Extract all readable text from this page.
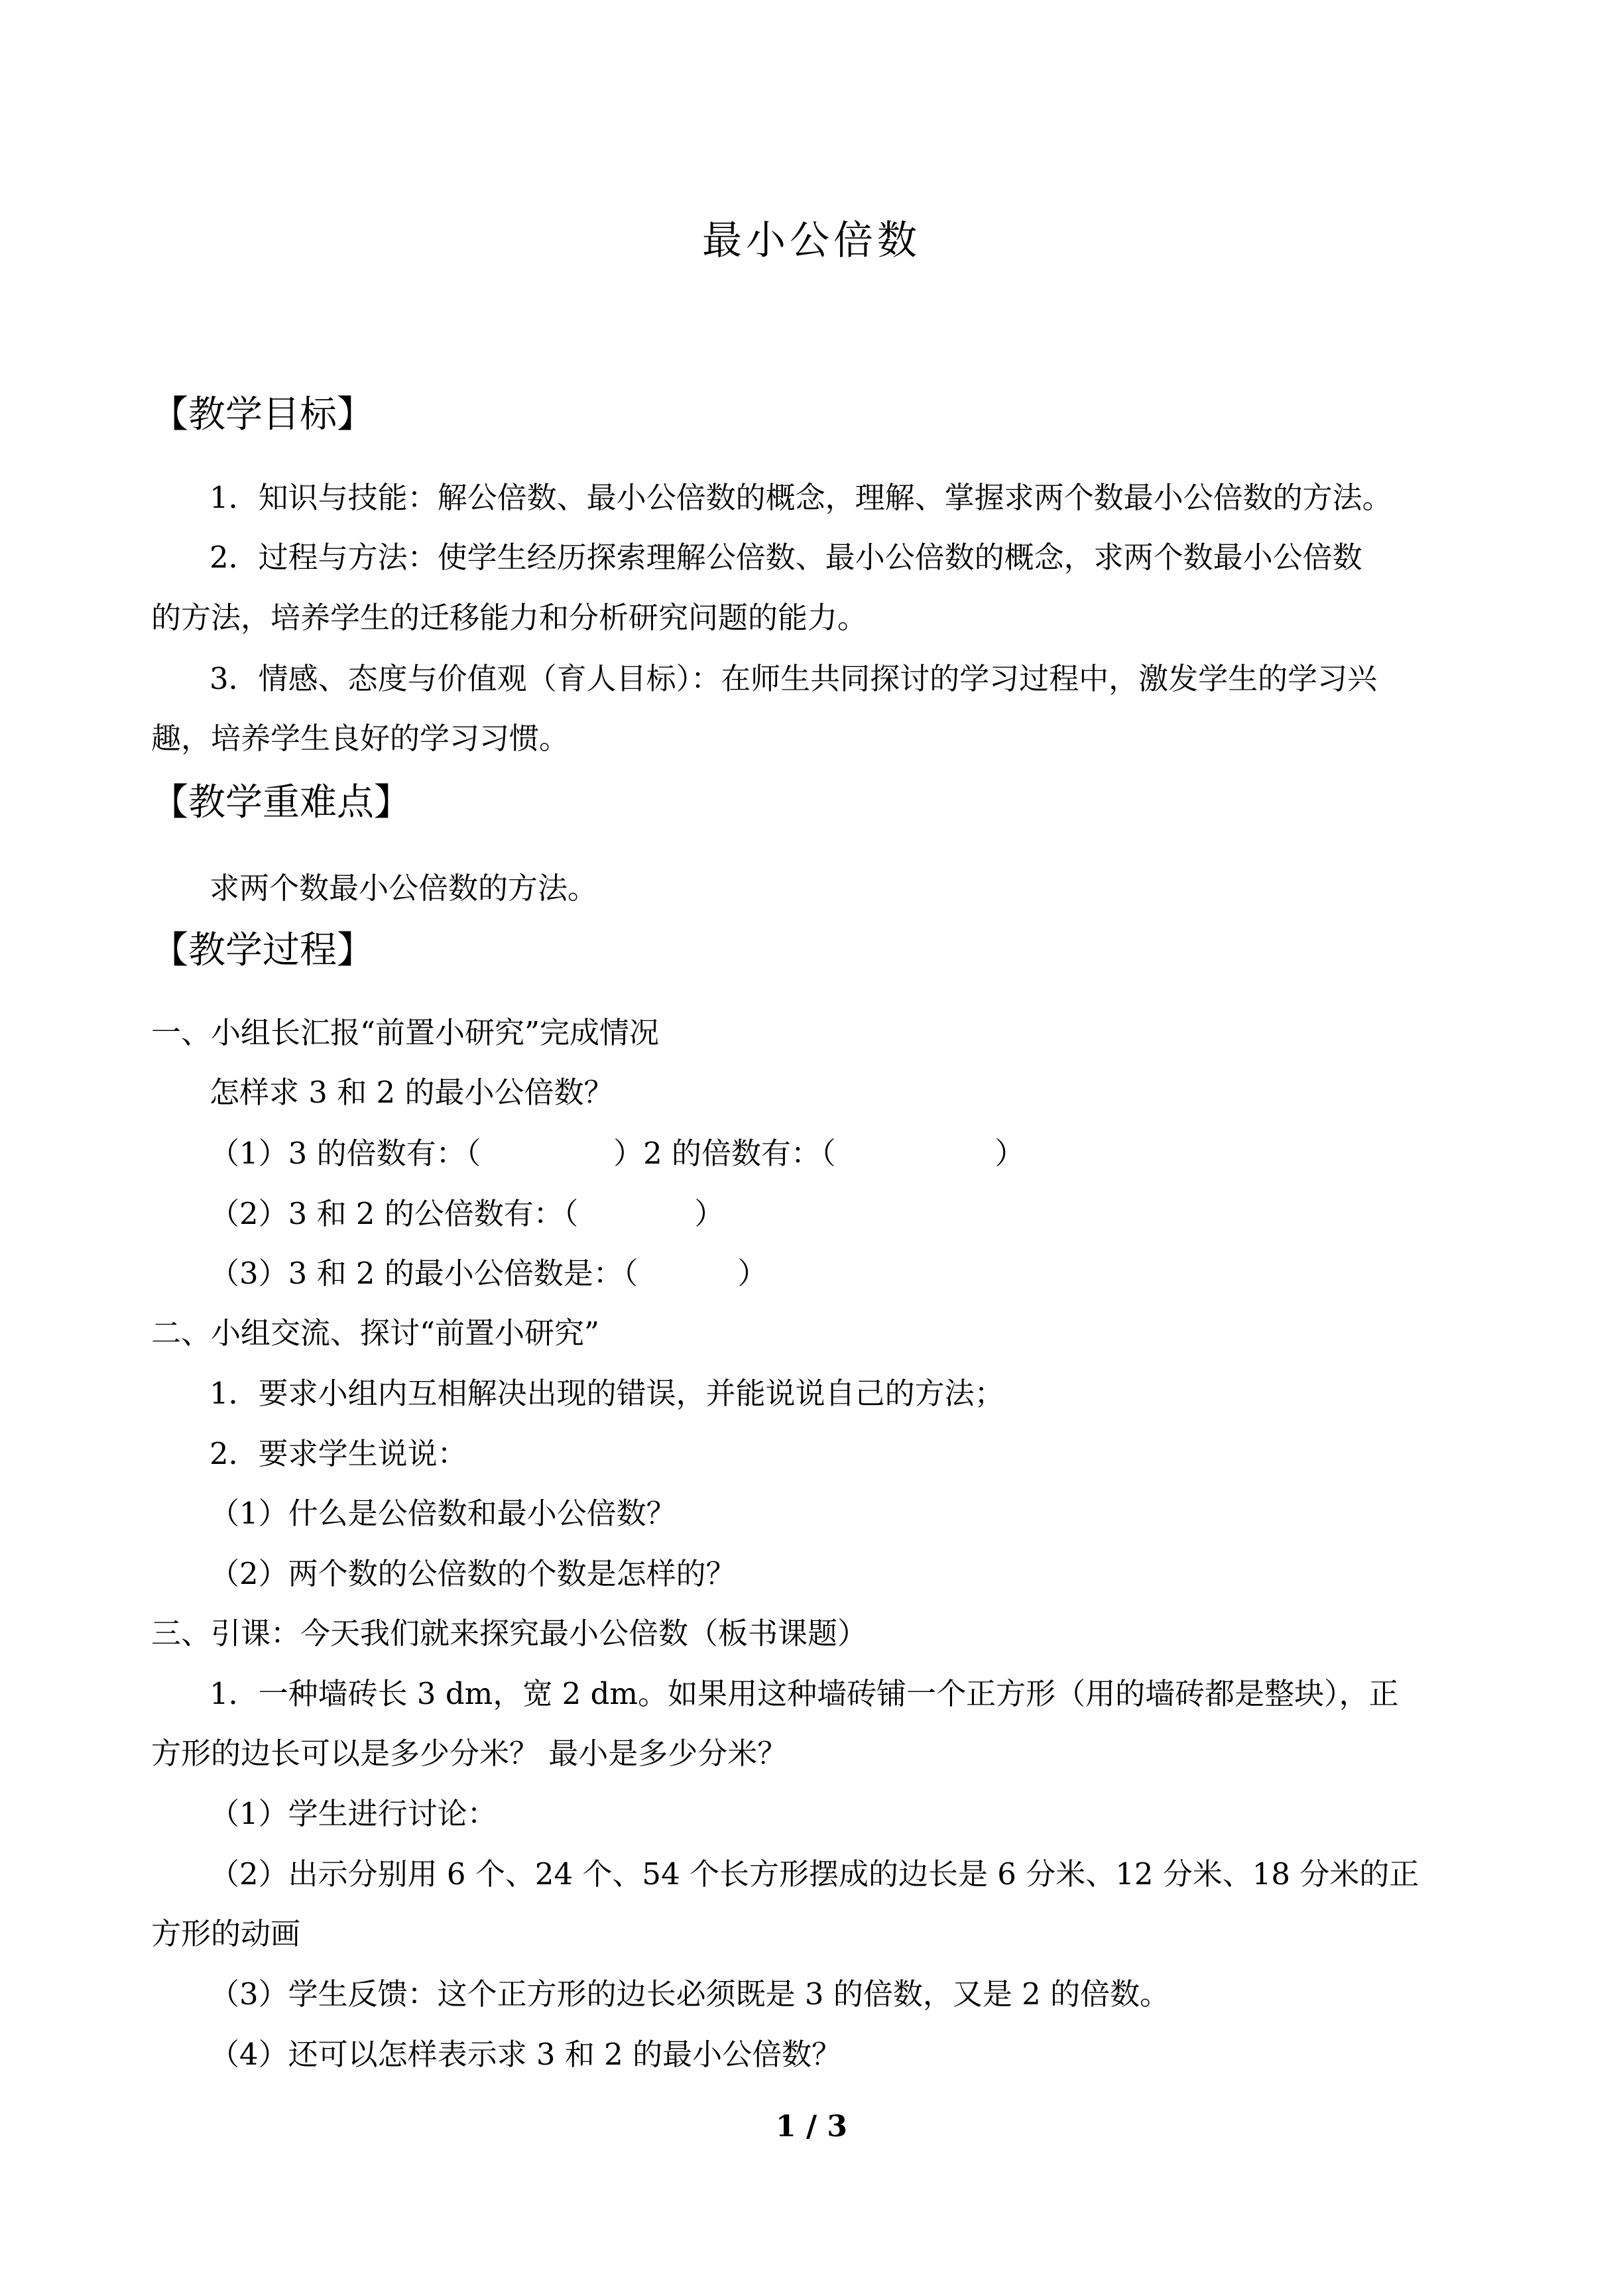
最小公倍数
【教学目标】
1．知识与技能：解公倍数、最小公倍数的概念，理解、掌握求两个数最小公倍数的方法。
2．过程与方法：使学生经历探索理解公倍数、最小公倍数的概念，求两个数最小公倍数
的方法，培养学生的迁移能力和分析研究问题的能力。
3．情感、态度与价值观（育人目标）：在师生共同探讨的学习过程中，激发学生的学习兴
趣，培养学生良好的学习习惯。
【教学重难点】
求两个数最小公倍数的方法。
【教学过程】
一、小组长汇报“前置小研究”完成情况
怎样求 3 和 2 的最小公倍数？
（1）3 的倍数有：（	）2 的倍数有：（	）
（2）3 和 2 的公倍数有：（	）
（3）3 和 2 的最小公倍数是：（	）
二、小组交流、探讨“前置小研究”
1．要求小组内互相解决出现的错误，并能说说自己的方法；
2．要求学生说说：
（1）什么是公倍数和最小公倍数？
（2）两个数的公倍数的个数是怎样的？
三、引课：今天我们就来探究最小公倍数（板书课题）
1．一种墙砖长 3 dm，宽 2 dm。如果用这种墙砖铺一个正方形（用的墙砖都是整块），正
方形的边长可以是多少分米？ 最小是多少分米？
（1）学生进行讨论：
（2）出示分别用 6 个、24 个、54 个长方形摆成的边长是 6 分米、12 分米、18 分米的正
方形的动画
（3）学生反馈：这个正方形的边长必须既是 3 的倍数，又是 2 的倍数。
（4）还可以怎样表示求 3 和 2 的最小公倍数？
1 / 3
